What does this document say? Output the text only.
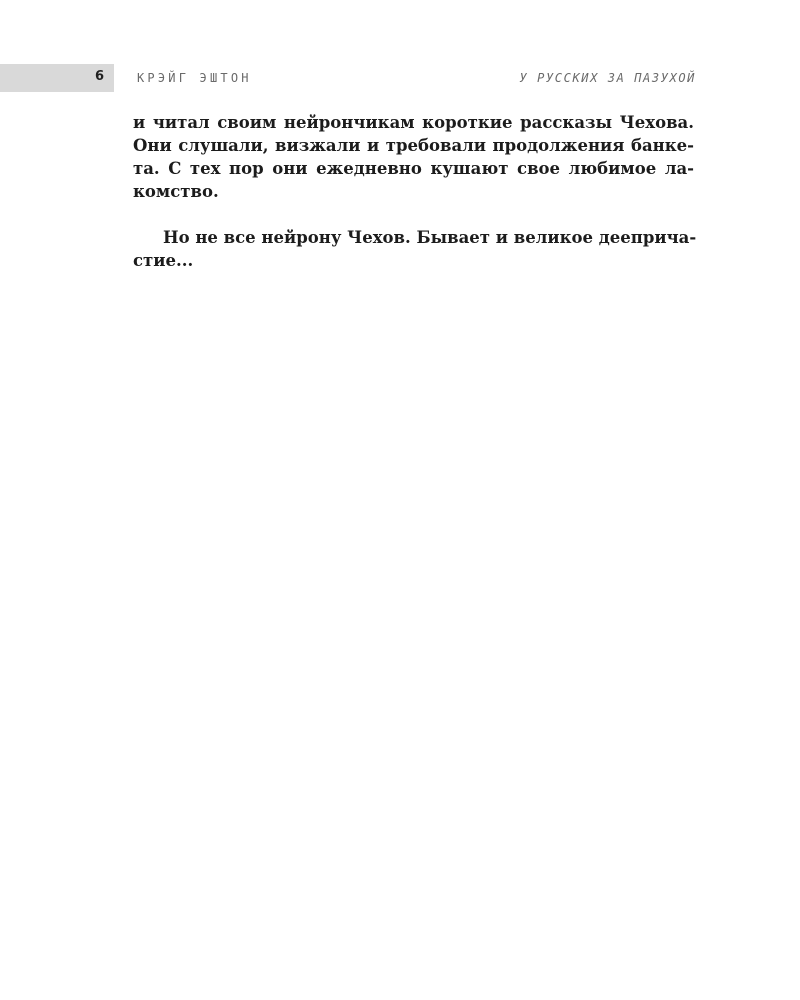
6	КРЭЙГ ЭШТОН	У РУССКИХ ЗА ПАЗУХОЙ

и читал своим нейрончикам короткие рассказы Чехова.
Они слушали, визжали и требовали продолжения банке-
та. С тех пор они ежедневно кушают свое любимое ла-
комство.

Но не все нейрону Чехов. Бывает и великое дееприча-
стие...
